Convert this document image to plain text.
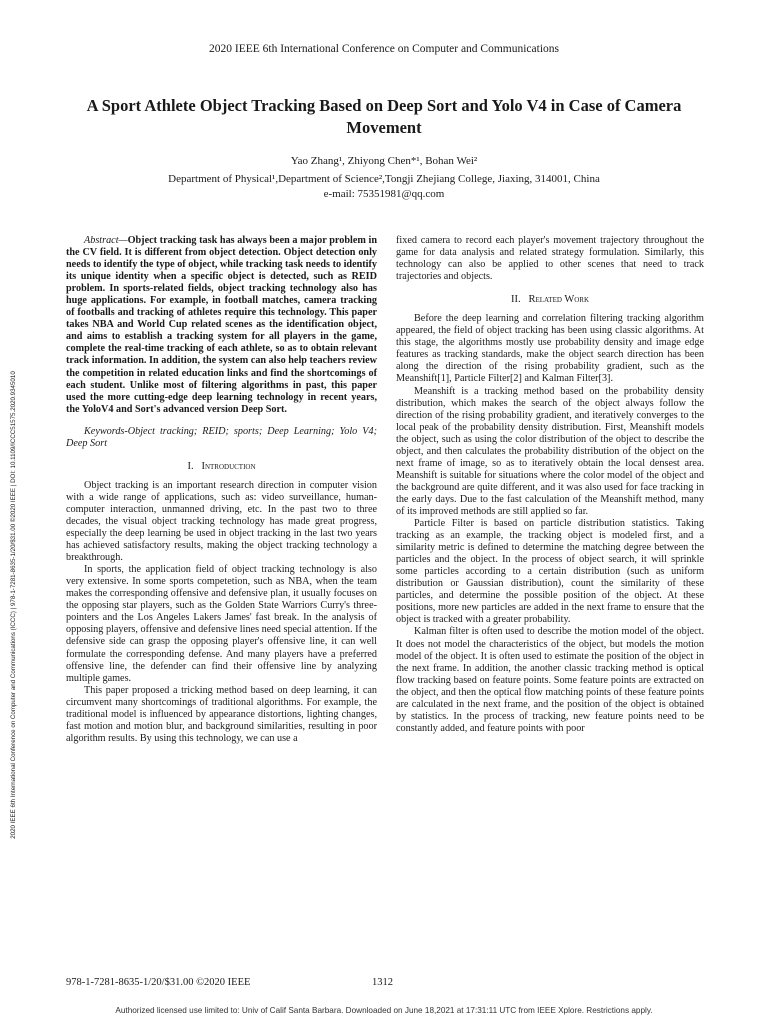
2020 IEEE 6th International Conference on Computer and Communications
A Sport Athlete Object Tracking Based on Deep Sort and Yolo V4 in Case of Camera Movement
Yao Zhang¹, Zhiyong Chen*¹, Bohan Wei²
Department of Physical¹,Department of Science²,Tongji Zhejiang College, Jiaxing, 314001, China
e-mail: 75351981@qq.com
2020 IEEE 6th International Conference on Computer and Communications (ICCC) | 978-1-7281-8635-1/20/$31.00 ©2020 IEEE | DOI: 10.1109/ICCC51575.2020.9345010

Abstract—Object tracking task has always been a major problem in the CV field. It is different from object detection. Object detection only needs to identify the type of object, while tracking task needs to identify its unique identity when a specific object is detected, such as REID problem. In sports-related fields, object tracking technology also has huge applications. For example, in football matches, camera tracking of footballs and tracking of athletes require this technology. This paper takes NBA and World Cup related scenes as the identification object, and aims to establish a tracking system for all players in the game, complete the real-time tracking of each athlete, so as to obtain relevant track information. In addition, the system can also help teachers review the competition in related education links and find the shortcomings of each student. Unlike most of filtering algorithms in past, this paper used the more cutting-edge deep learning technology in recent years, the YoloV4 and Sort's advanced version Deep Sort.

Keywords-Object tracking; REID; sports; Deep Learning; Yolo V4; Deep Sort

I. Introduction

Object tracking is an important research direction in computer vision with a wide range of applications, such as: video surveillance, human-computer interaction, unmanned driving, etc. In the past two to three decades, the visual object tracking technology has made great progress, especially the deep learning be used in object tracking in the last two years has achieved satisfactory results, making the object tracking technology a breakthrough.

In sports, the application field of object tracking technology is also very extensive. In some sports competetion, such as NBA, when the team makes the corresponding offensive and defensive plan, it usually focuses on the opposing star players, such as the Golden State Warriors Curry's three-pointers and the Los Angeles Lakers James' fast break. In the analysis of opposing players, offensive and defensive lines need special attention. If the defensive side can grasp the opposing player's offensive line, it can well formulate the corresponding defense. And many players have a preferred offensive line, the defender can find their offensive line by analyzing multiple games.

This paper proposed a tricking method based on deep learning, it can circumvent many shortcomings of traditional algorithms. For example, the traditional model is influenced by appearance distortions, lighting changes, fast motion and motion blur, and background similarities, resulting in poor algorithm results. By using this technology, we can use a

fixed camera to record each player's movement trajectory throughout the game for data analysis and related strategy formulation. Similarly, this technology can also be applied to other scenes that need to track trajectories and objects.

II. Related Work

Before the deep learning and correlation filtering tracking algorithm appeared, the field of object tracking has been using classic algorithms. At this stage, the algorithms mostly use probability density and image edge features as tracking standards, make the object search direction has been along the direction of the rising probability gradient, such as the Meanshift[1], Particle Filter[2] and Kalman Filter[3].

Meanshift is a tracking method based on the probability density distribution, which makes the search of the object always follow the direction of the rising probability gradient, and iteratively converges to the local peak of the probability density distribution. First, Meanshift models the object, such as using the color distribution of the object to describe the object, and then calculates the probability distribution of the object on the next frame of image, so as to iteratively obtain the local densest area. Meanshift is suitable for situations where the color model of the object and the background are quite different, and it was also used for face tracking in the early days. Due to the fast calculation of the Meanshift method, many of its improved methods are still applied so far.

Particle Filter is based on particle distribution statistics. Taking tracking as an example, the tracking object is modeled first, and a similarity metric is defined to determine the matching degree between the particles and the object. In the process of object search, it will sprinkle some particles according to a certain distribution (such as uniform distribution or Gaussian distribution), count the similarity of these particles, and determine the possible position of the object. At these positions, more new particles are added in the next frame to ensure that the object is tracked with a greater probability.

Kalman filter is often used to describe the motion model of the object. It does not model the characteristics of the object, but models the motion model of the object. It is often used to estimate the position of the object in the next frame. In addition, the another classic tracking method is optical flow tracking based on feature points. Some feature points are extracted on the object, and then the optical flow matching points of these feature points are calculated in the next frame, and the position of the object is obtained by statistics. In the process of tracking, new feature points need to be constantly added, and feature points with poor

978-1-7281-8635-1/20/$31.00 ©2020 IEEE	1312
Authorized licensed use limited to: Univ of Calif Santa Barbara. Downloaded on June 18,2021 at 17:31:11 UTC from IEEE Xplore. Restrictions apply.
